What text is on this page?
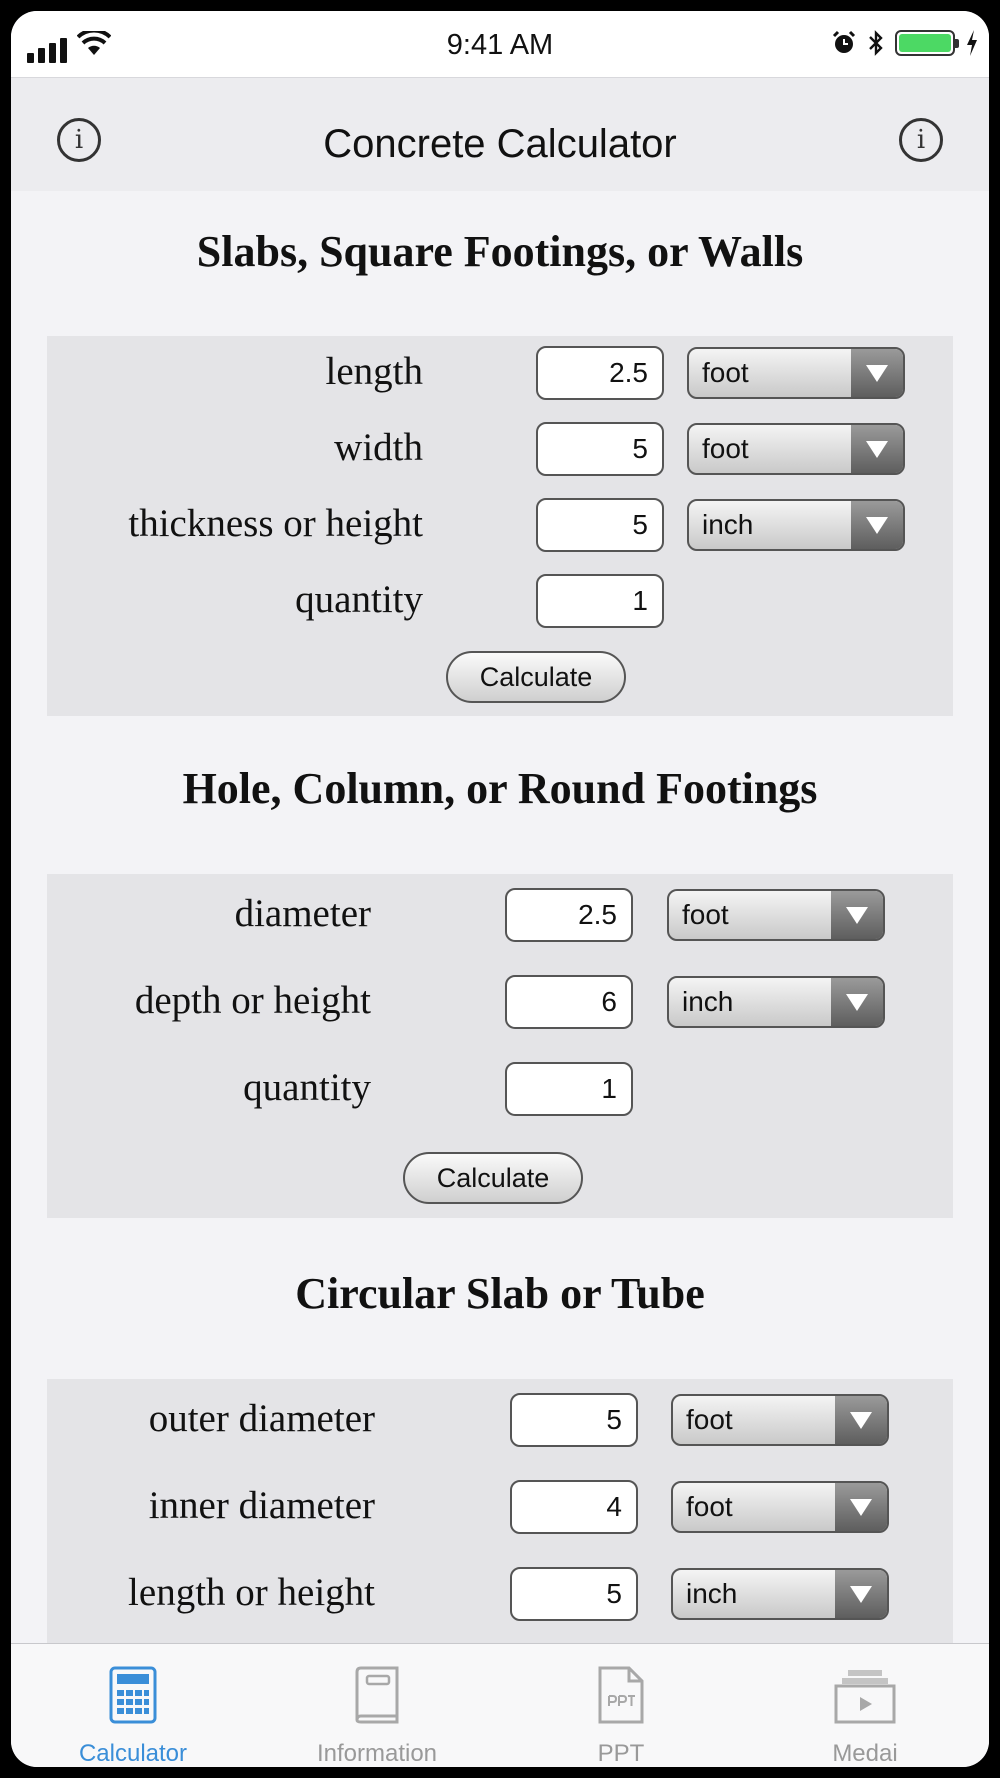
9:41 AM
i	Concrete Calculator	i
Slabs, Square Footings, or Walls
length	2.5	foot
width	5	foot
thickness or height	5	inch
quantity	1
Calculate
Hole, Column, or Round Footings
diameter	2.5	foot
depth or height	6	inch
quantity	1
Calculate
Circular Slab or Tube
outer diameter	5	foot
inner diameter	4	foot
length or height	5	inch
Calculator	Information	PPT	Medai
